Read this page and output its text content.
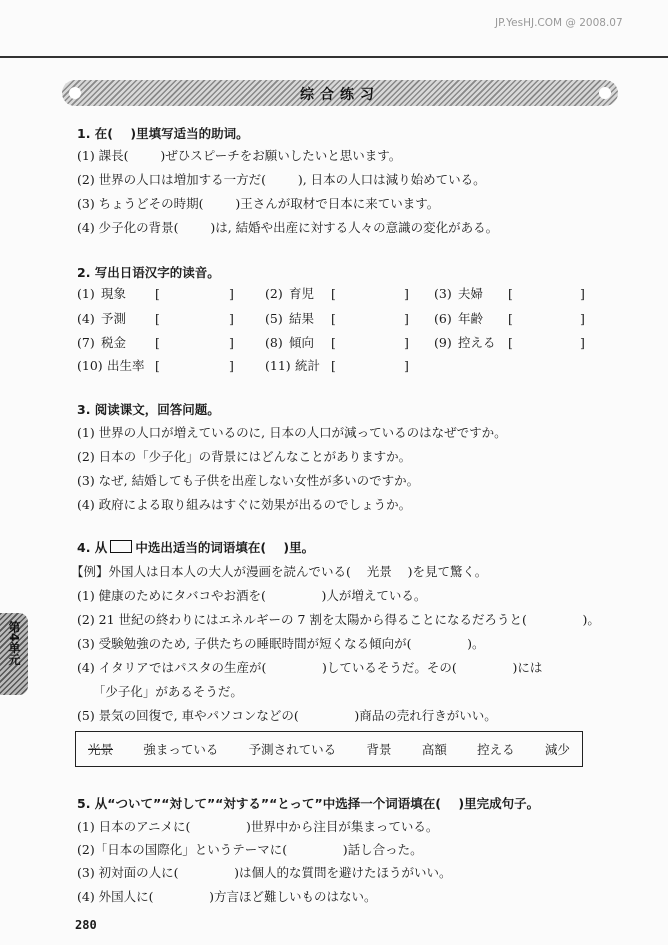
JP.YesHJ.COM @ 2008.07
综合练习
1. 在(    )里填写适当的助词。
(1) 課長(        )ぜひスピーチをお願いしたいと思います。
(2) 世界の人口は増加する一方だ(        ), 日本の人口は減り始めている。
(3) ちょうどその時期(        )王さんが取材で日本に来ています。
(4) 少子化の背景(        )は, 結婚や出産に対する人々の意識の変化がある。
2. 写出日语汉字的读音。
(1) 現象 [	] (2) 育児 [	] (3) 夫婦 [	]
(4) 予測 [	] (5) 結果 [	] (6) 年齢 [	]
(7) 税金 [	] (8) 傾向 [	] (9) 控える [	]
(10) 出生率 [	] (11) 統計 [	]
3. 阅读课文，回答问题。
(1) 世界の人口が増えているのに, 日本の人口が減っているのはなぜですか。
(2) 日本の「少子化」の背景にはどんなことがありますか。
(3) なぜ, 結婚しても子供を出産しない女性が多いのですか。
(4) 政府による取り組みはすぐに効果が出るのでしょうか。
4. 从 中选出适当的词语填在(    )里。
【例】外国人は日本人の大人が漫画を読んでいる(    光景    )を見て驚く。
(1) 健康のためにタバコやお酒を(              )人が増えている。
(2) 21 世紀の終わりにはエネルギーの 7 割を太陽から得ることになるだろうと(              )。
(3) 受験勉強のため, 子供たちの睡眠時間が短くなる傾向が(              )。
(4) イタリアではパスタの生産が(              )しているそうだ。その(              )には
「少子化」があるそうだ。
(5) 景気の回復で, 車やパソコンなどの(              )商品の売れ行きがいい。
光景 強まっている 予測されている 背景 高額 控える 減少
5. 从“ついて”“対して”“対する”“とって”中选择一个词语填在(    )里完成句子。
(1) 日本のアニメに(              )世界中から注目が集まっている。
(2)「日本の国際化」というテーマに(              )話し合った。
(3) 初対面の人に(              )は個人的な質問を避けたほうがいい。
(4) 外国人に(              )方言ほど難しいものはない。
第4单元
280
